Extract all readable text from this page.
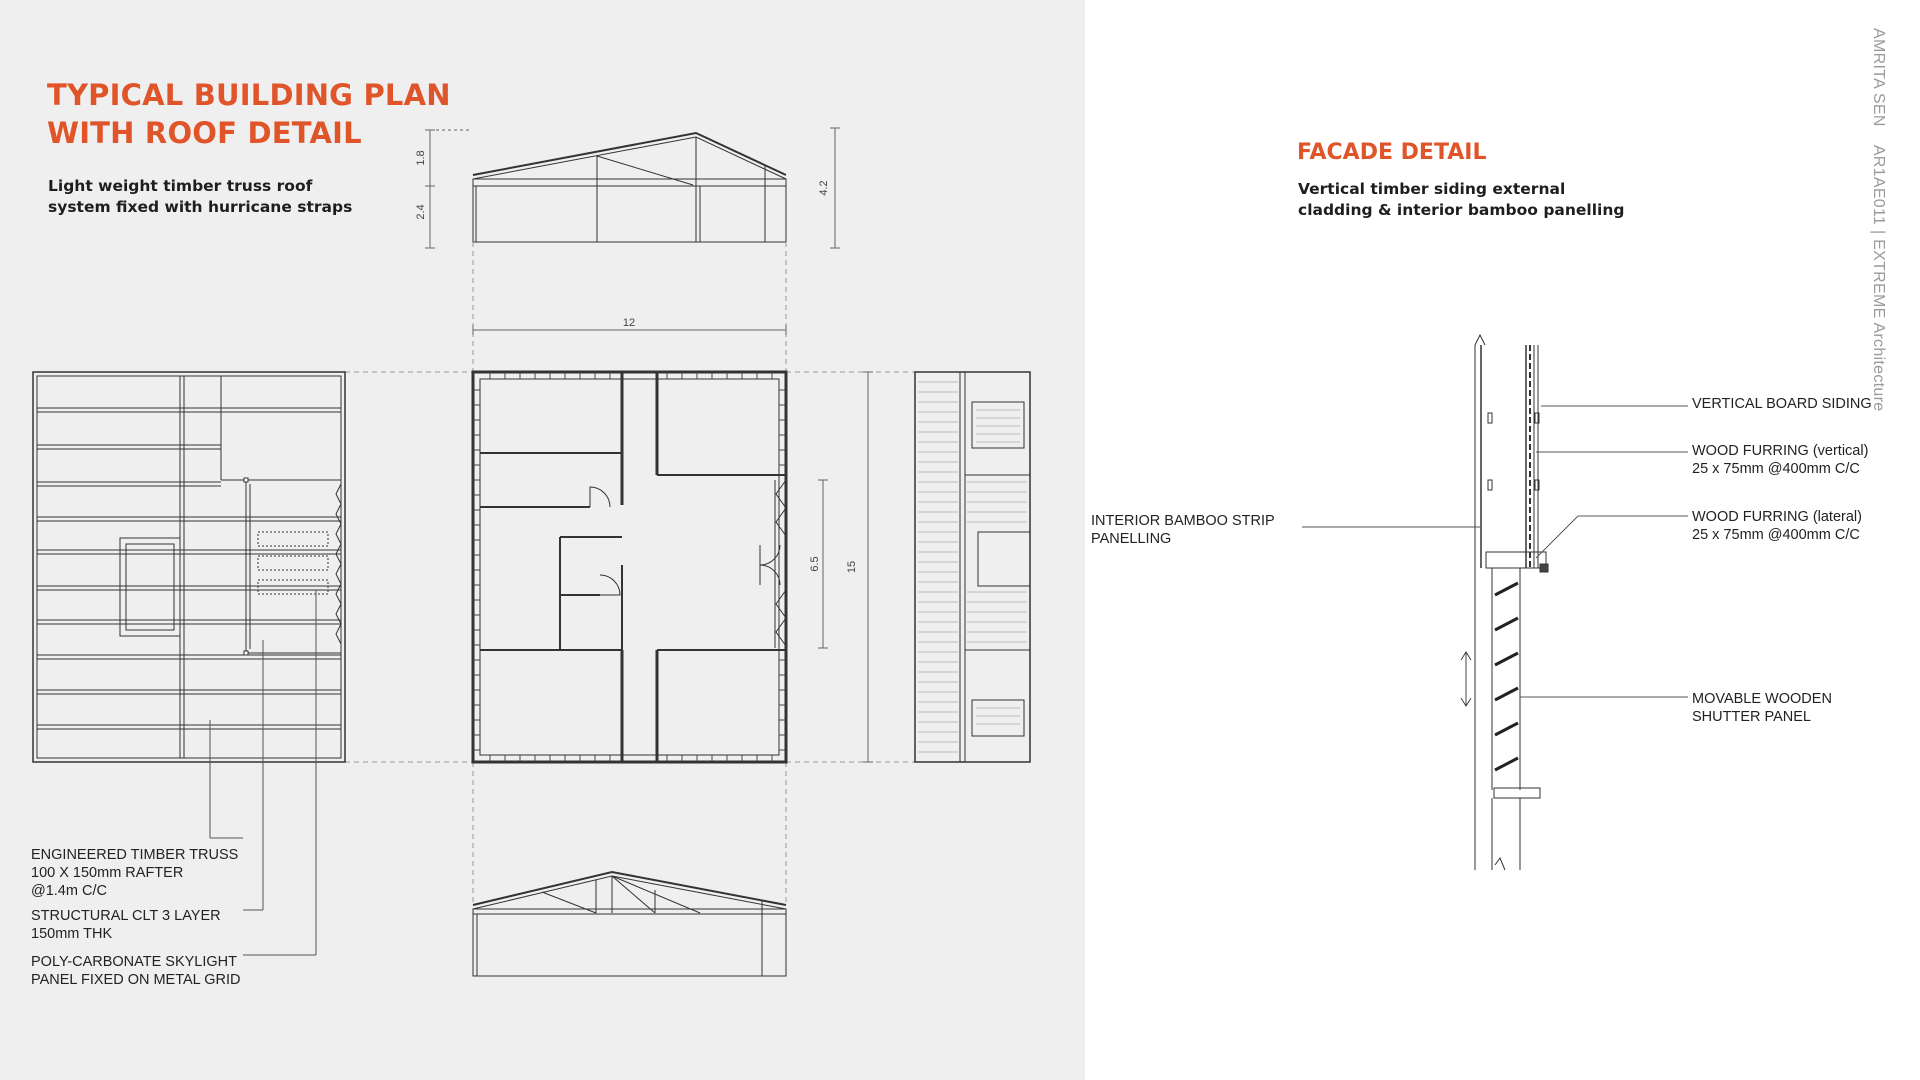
TYPICAL BUILDING PLAN
WITH ROOF DETAIL
Light weight timber truss roof
system fixed with hurricane straps
1.8
2.4
4.2
12
6.5 15
ENGINEERED TIMBER TRUSS
100 X 150mm RAFTER
@1.4m C/C
STRUCTURAL CLT 3 LAYER
150mm THK
POLY-CARBONATE SKYLIGHT
PANEL FIXED ON METAL GRID
FACADE DETAIL
Vertical timber siding external
cladding & interior bamboo panelling
VERTICAL BOARD SIDING
WOOD FURRING (vertical)
25 x 75mm @400mm C/C
WOOD FURRING (lateral)
25 x 75mm @400mm C/C
INTERIOR BAMBOO STRIP
PANELLING
MOVABLE WOODEN
SHUTTER PANEL
AMRITA SEN    AR1AE011 | EXTREME Architecture
